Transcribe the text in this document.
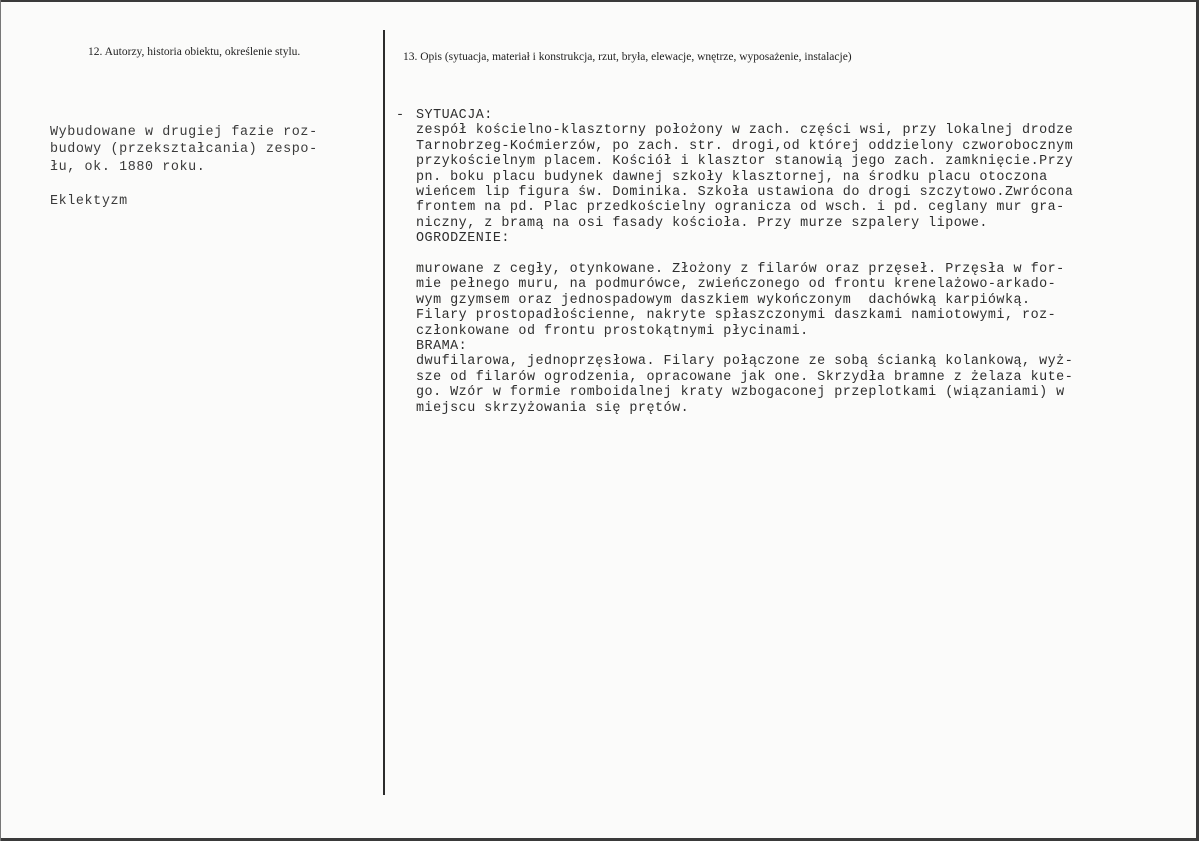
12. Autorzy, historia obiektu, określenie stylu.	13. Opis (sytuacja, materiał i konstrukcja, rzut, bryła, elewacje, wnętrze, wyposażenie, instalacje)
Wybudowane w drugiej fazie roz-
budowy (przekształcania) zespo-
łu, ok. 1880 roku.
Eklektyzm
- SYTUACJA:
zespół kościelno-klasztorny położony w zach. części wsi, przy lokalnej drodze
Tarnobrzeg-Koćmierzów, po zach. str. drogi,od której oddzielony czworobocznym
przykościelnym placem. Kościół i klasztor stanowią jego zach. zamknięcie.Przy
pn. boku placu budynek dawnej szkoły klasztornej, na środku placu otoczona
wieńcem lip figura św. Dominika. Szkoła ustawiona do drogi szczytowo.Zwrócona
frontem na pd. Plac przedkościelny ogranicza od wsch. i pd. ceglany mur gra-
niczny, z bramą na osi fasady kościoła. Przy murze szpalery lipowe.
OGRODZENIE:
murowane z cegły, otynkowane. Złożony z filarów oraz przęseł. Przęsła w for-
mie pełnego muru, na podmurówce, zwieńczonego od frontu krenelażowo-arkado-
wym gzymsem oraz jednospadowym daszkiem wykończonym  dachówką karpiówką.
Filary prostopadłościenne, nakryte spłaszczonymi daszkami namiotowymi, roz-
członkowane od frontu prostokątnymi płycinami.
BRAMA:
dwufilarowa, jednoprzęsłowa. Filary połączone ze sobą ścianką kolankową, wyż-
sze od filarów ogrodzenia, opracowane jak one. Skrzydła bramne z żelaza kute-
go. Wzór w formie romboidalnej kraty wzbogaconej przeplotkami (wiązaniami) w
miejscu skrzyżowania się prętów.
